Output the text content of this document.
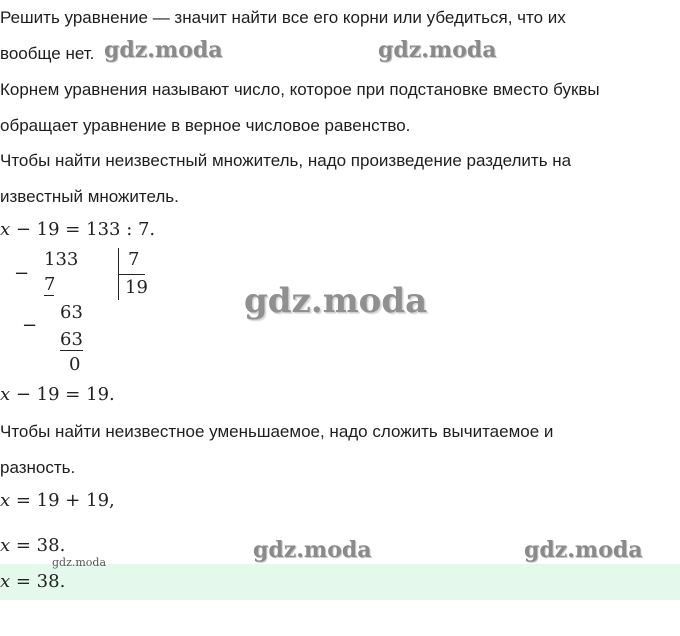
Решить уравнение — значит найти все его корни или убедиться, что их
вообще нет.
Корнем уравнения называют число, которое при подстановке вместо буквы
обращает уравнение в верное числовое равенство.
Чтобы найти неизвестный множитель, надо произведение разделить на
известный множитель.
x − 19 = 133 : 7.
−
133
7
7
19
−
63
63
0
x − 19 = 19.
Чтобы найти неизвестное уменьшаемое, надо сложить вычитаемое и
разность.
x = 19 + 19,
x = 38.
x = 38.
gdz.moda	gdz.moda
gdz.moda
gdz.moda	gdz.moda
gdz.moda
